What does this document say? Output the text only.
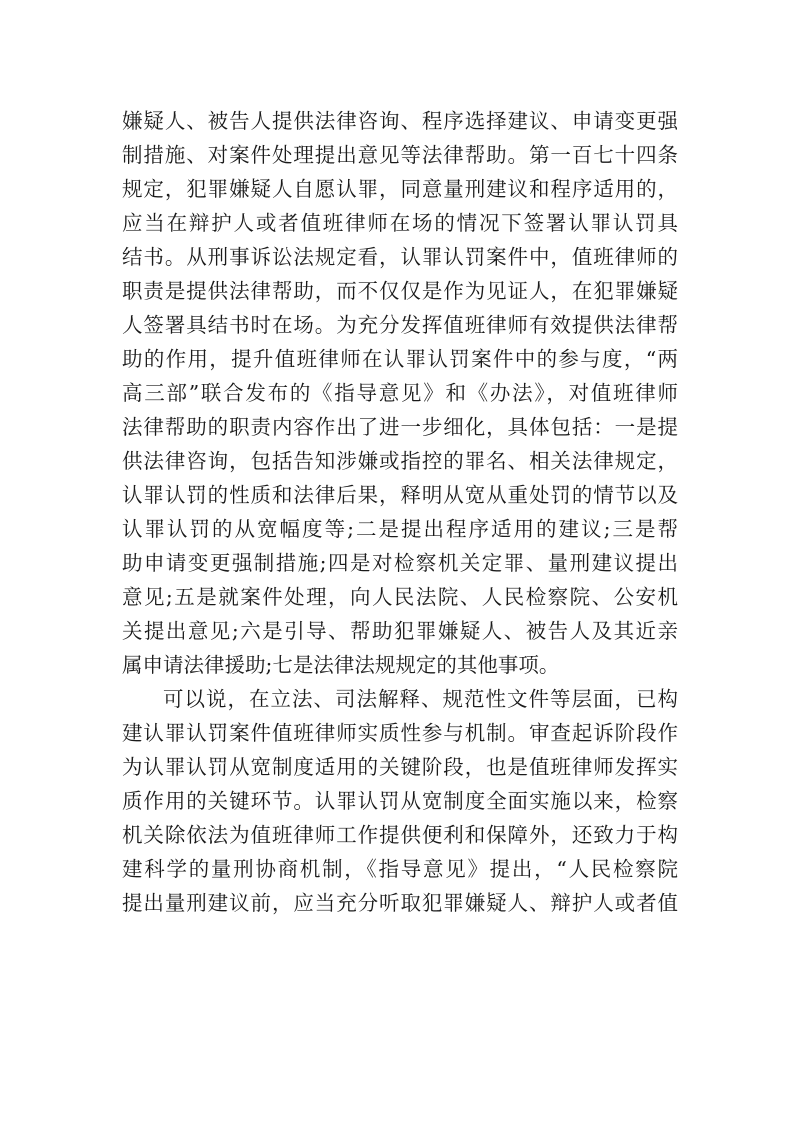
嫌疑人、被告人提供法律咨询、程序选择建议、申请变更强
制措施、对案件处理提出意见等法律帮助。第一百七十四条
规定，犯罪嫌疑人自愿认罪，同意量刑建议和程序适用的，
应当在辩护人或者值班律师在场的情况下签署认罪认罚具
结书。从刑事诉讼法规定看，认罪认罚案件中，值班律师的
职责是提供法律帮助，而不仅仅是作为见证人，在犯罪嫌疑
人签署具结书时在场。为充分发挥值班律师有效提供法律帮
助的作用，提升值班律师在认罪认罚案件中的参与度，“两
高三部”联合发布的《指导意见》和《办法》，对值班律师
法律帮助的职责内容作出了进一步细化，具体包括：一是提
供法律咨询，包括告知涉嫌或指控的罪名、相关法律规定，
认罪认罚的性质和法律后果，释明从宽从重处罚的情节以及
认罪认罚的从宽幅度等;二是提出程序适用的建议;三是帮
助申请变更强制措施;四是对检察机关定罪、量刑建议提出
意见;五是就案件处理，向人民法院、人民检察院、公安机
关提出意见;六是引导、帮助犯罪嫌疑人、被告人及其近亲
属申请法律援助;七是法律法规规定的其他事项。
可以说，在立法、司法解释、规范性文件等层面，已构
建认罪认罚案件值班律师实质性参与机制。审查起诉阶段作
为认罪认罚从宽制度适用的关键阶段，也是值班律师发挥实
质作用的关键环节。认罪认罚从宽制度全面实施以来，检察
机关除依法为值班律师工作提供便利和保障外，还致力于构
建科学的量刑协商机制，《指导意见》提出，“人民检察院
提出量刑建议前，应当充分听取犯罪嫌疑人、辩护人或者值
